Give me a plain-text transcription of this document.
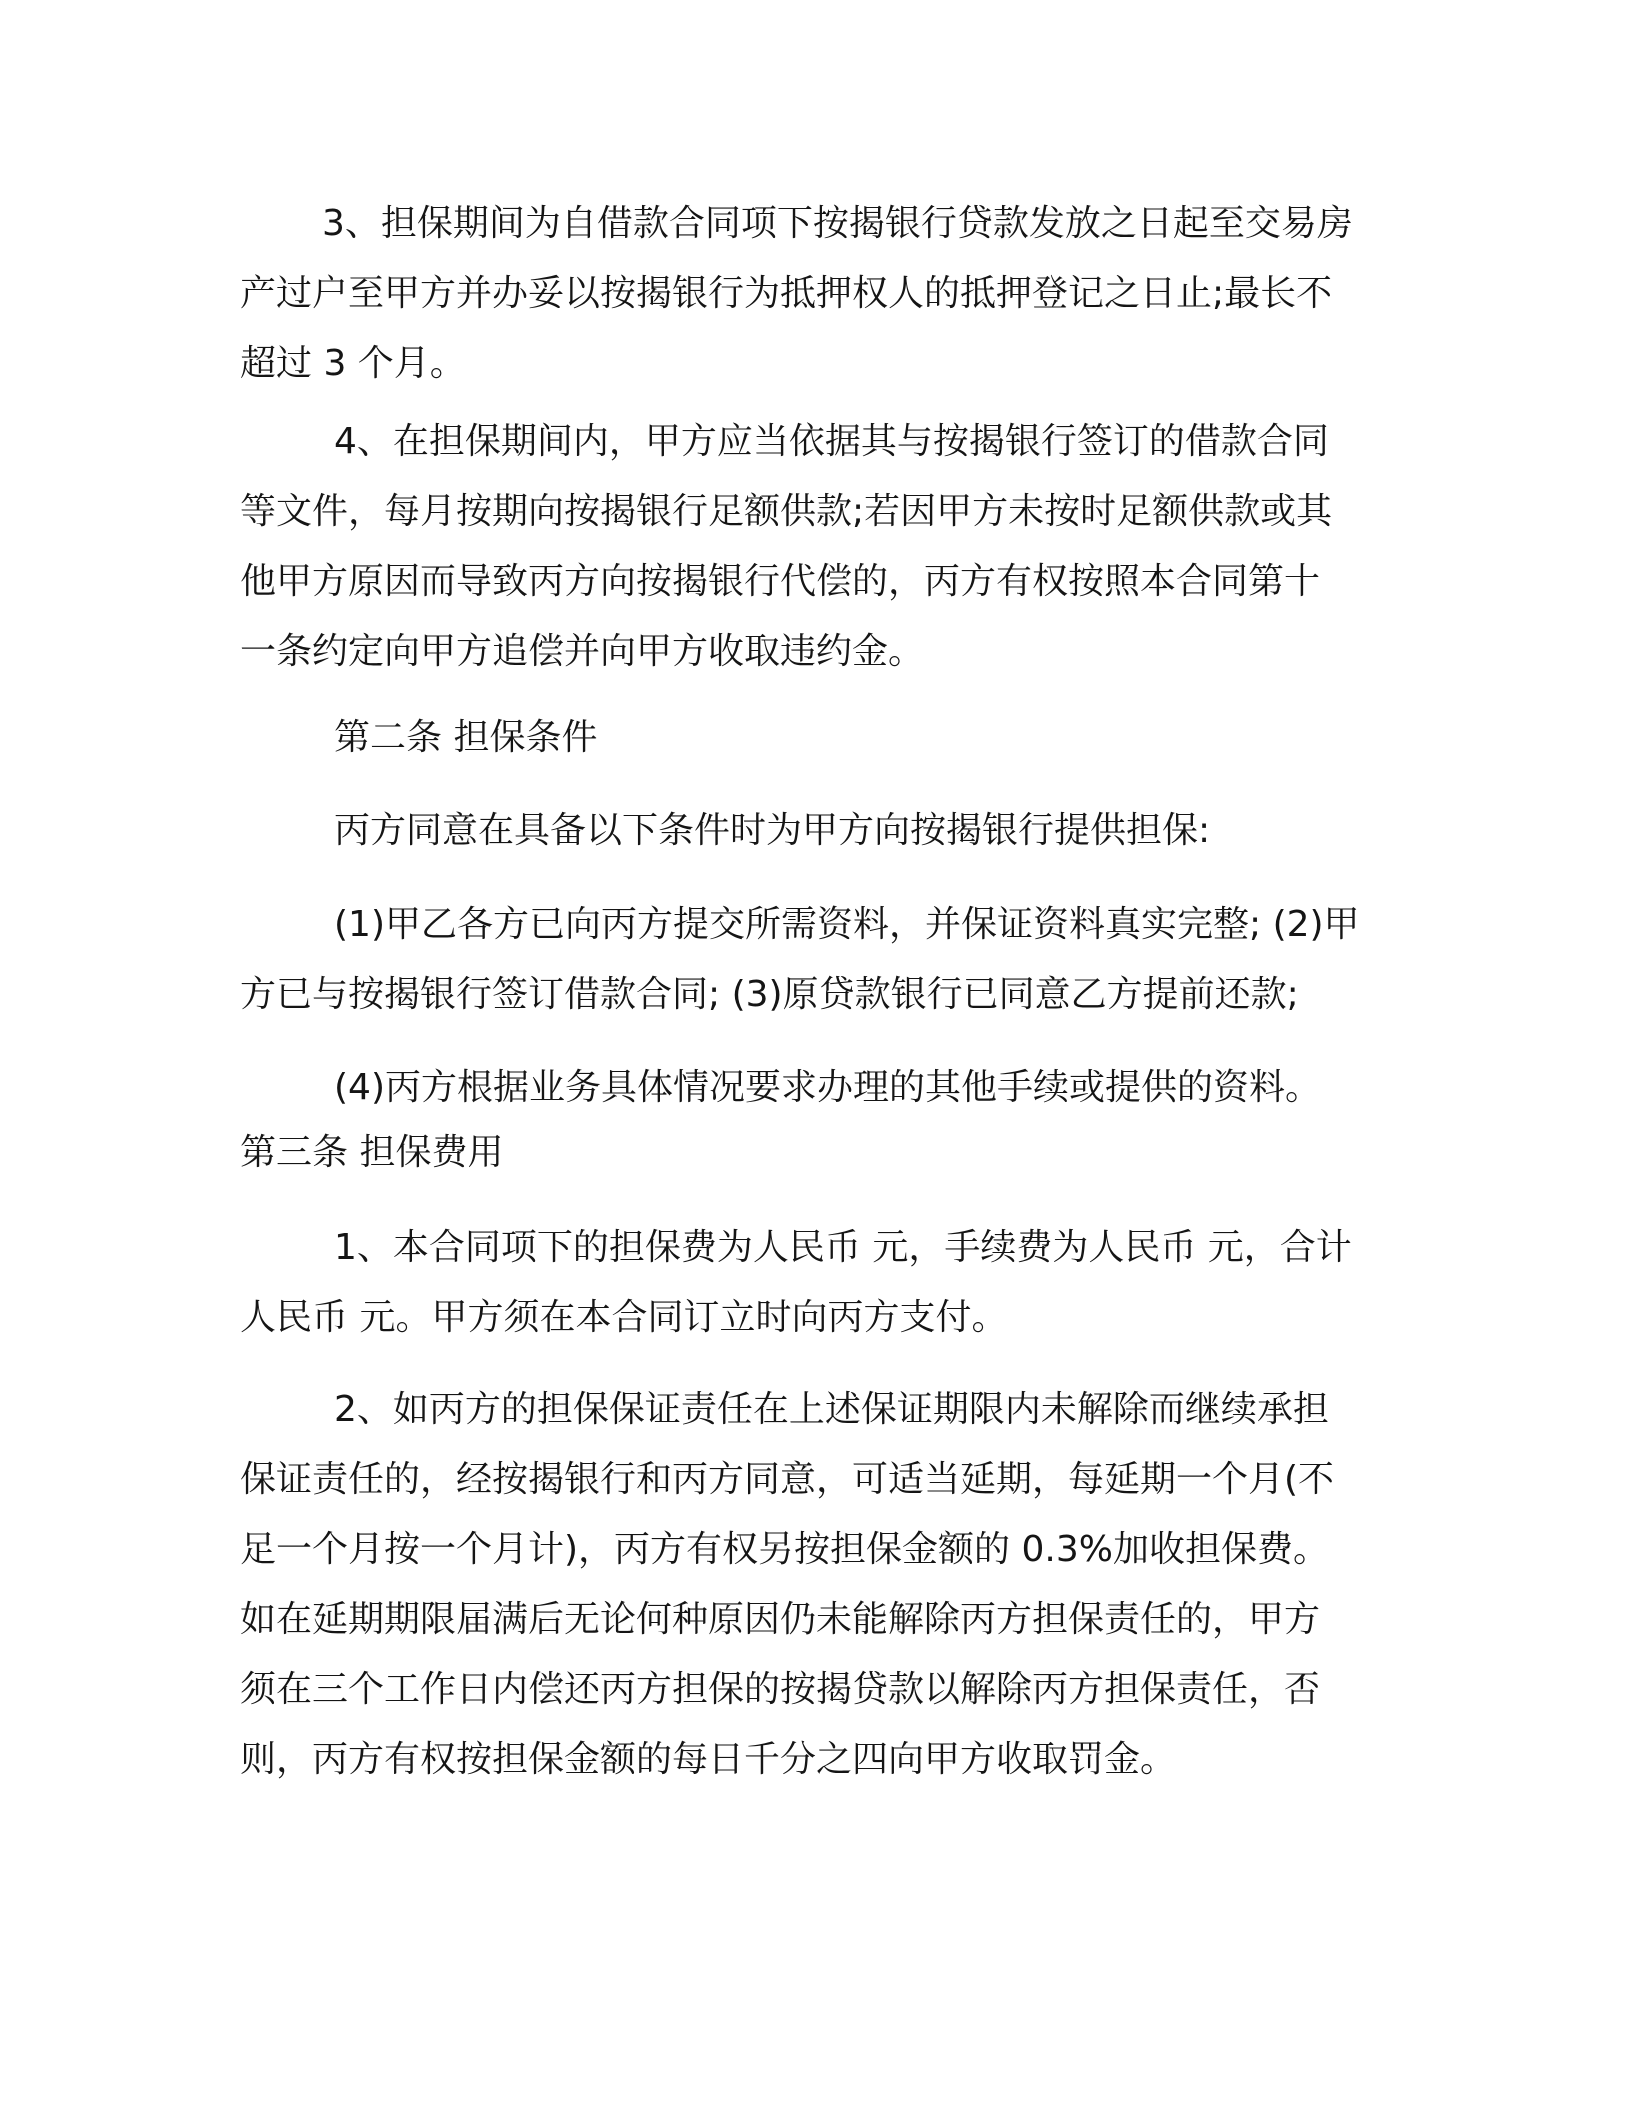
3、担保期间为自借款合同项下按揭银行贷款发放之日起至交易房
产过户至甲方并办妥以按揭银行为抵押权人的抵押登记之日止;最长不
超过 3 个月。
4、在担保期间内，甲方应当依据其与按揭银行签订的借款合同
等文件，每月按期向按揭银行足额供款;若因甲方未按时足额供款或其
他甲方原因而导致丙方向按揭银行代偿的，丙方有权按照本合同第十
一条约定向甲方追偿并向甲方收取违约金。
第二条 担保条件
丙方同意在具备以下条件时为甲方向按揭银行提供担保:
(1)甲乙各方已向丙方提交所需资料，并保证资料真实完整; (2)甲
方已与按揭银行签订借款合同; (3)原贷款银行已同意乙方提前还款;
(4)丙方根据业务具体情况要求办理的其他手续或提供的资料。
第三条 担保费用
1、本合同项下的担保费为人民币 元，手续费为人民币 元，合计
人民币 元。甲方须在本合同订立时向丙方支付。
2、如丙方的担保保证责任在上述保证期限内未解除而继续承担
保证责任的，经按揭银行和丙方同意，可适当延期，每延期一个月(不
足一个月按一个月计)，丙方有权另按担保金额的 0.3%加收担保费。
如在延期期限届满后无论何种原因仍未能解除丙方担保责任的，甲方
须在三个工作日内偿还丙方担保的按揭贷款以解除丙方担保责任，否
则，丙方有权按担保金额的每日千分之四向甲方收取罚金。
